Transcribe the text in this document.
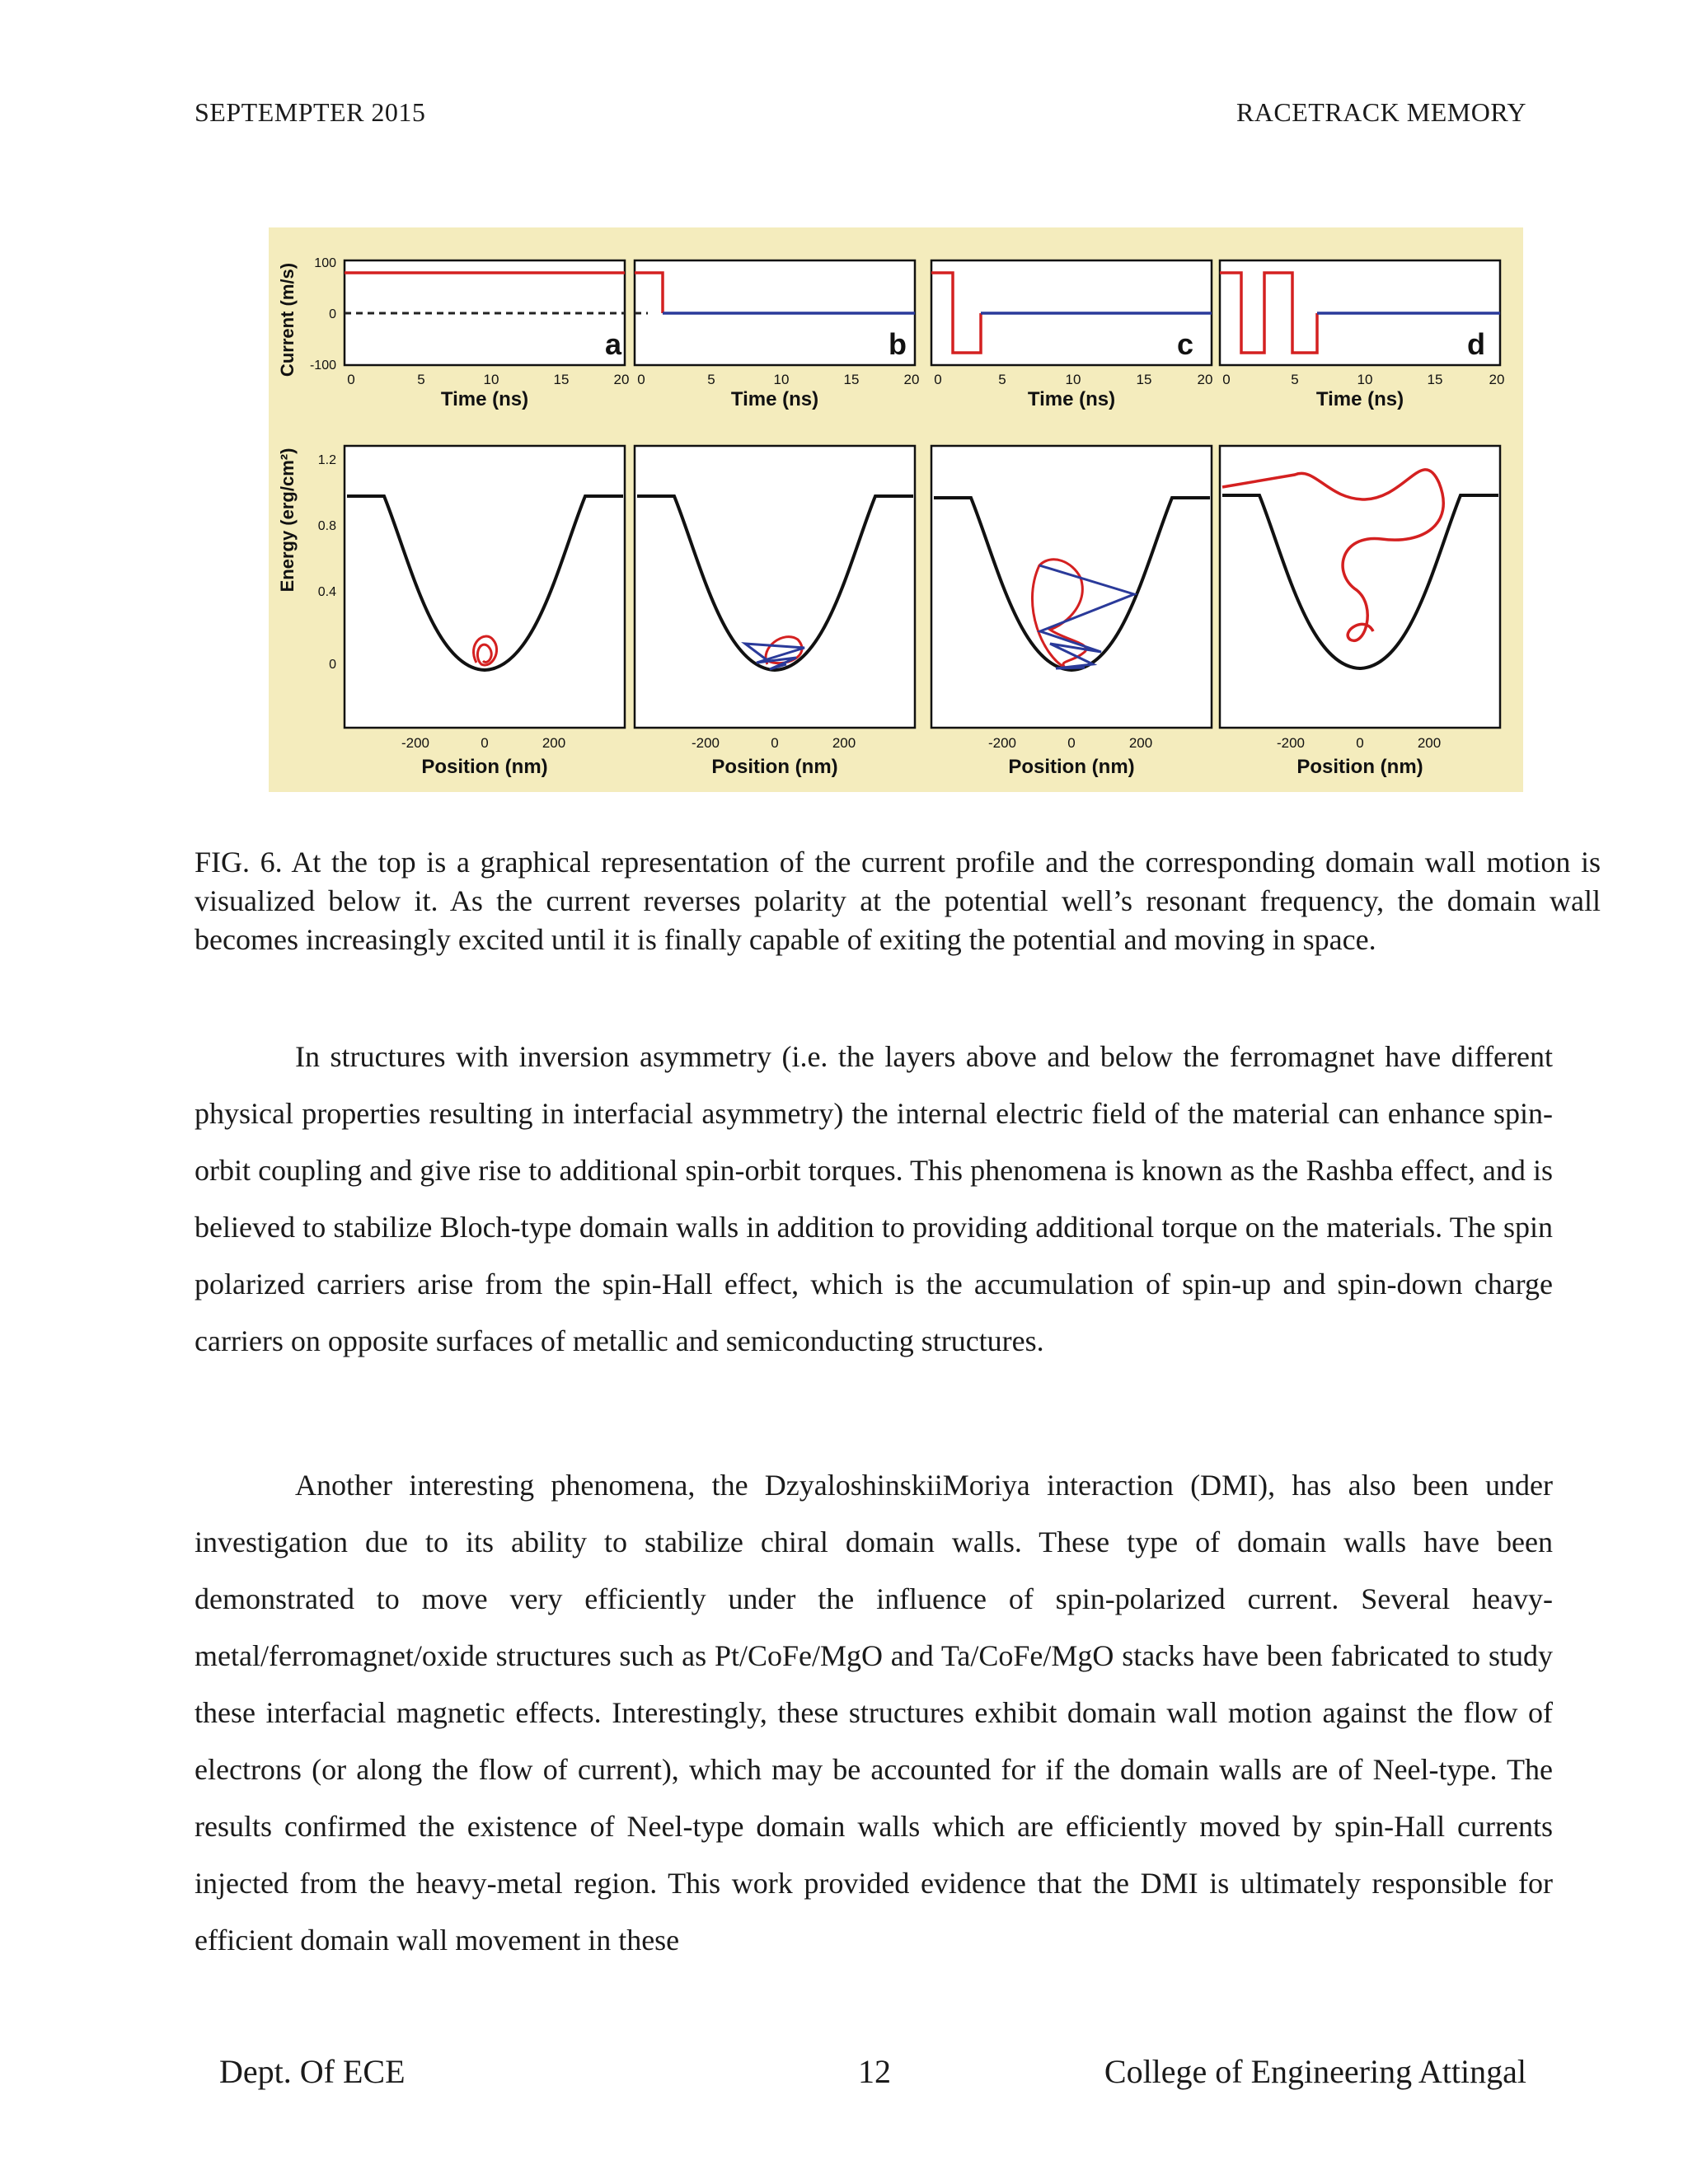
SEPTEMPTER 2015	RACETRACK MEMORY
Current (m/s)
Energy (erg/cm²)
100
0
-100
a
0	5	10	15	20
Time (ns)
b
0	5	10	15	20
Time (ns)
c
0	5	10	15	20
Time (ns)
d
0	5	10	15	20
Time (ns)
1.2
0.8
0.4
0
-200	0	200
Position (nm)
-200	0	200
Position (nm)
-200	0	200
Position (nm)
-200	0	200
Position (nm)
FIG. 6. At the top is a graphical representation of the current profile and the corresponding domain wall motion is visualized below it. As the current reverses polarity at the potential well’s resonant frequency, the domain wall becomes increasingly excited until it is finally capable of exiting the potential and moving in space.

In structures with inversion asymmetry (i.e. the layers above and below the ferromagnet have different physical properties resulting in interfacial asymmetry) the internal electric field of the material can enhance spin-orbit coupling and give rise to additional spin-orbit torques. This phenomena is known as the Rashba effect, and is believed to stabilize Bloch-type domain walls in addition to providing additional torque on the materials. The spin polarized carriers arise from the spin-Hall effect, which is the accumulation of spin-up and spin-down charge carriers on opposite surfaces of metallic and semiconducting structures.

Another interesting phenomena, the DzyaloshinskiiMoriya interaction (DMI), has also been under investigation due to its ability to stabilize chiral domain walls. These type of domain walls have been demonstrated to move very efficiently under the influence of spin-polarized current. Several heavy-metal/ferromagnet/oxide structures such as Pt/CoFe/MgO and Ta/CoFe/MgO stacks have been fabricated to study these interfacial magnetic effects. Interestingly, these structures exhibit domain wall motion against the flow of electrons (or along the flow of current), which may be accounted for if the domain walls are of Neel-type. The results confirmed the existence of Neel-type domain walls which are efficiently moved by spin-Hall currents injected from the heavy-metal region. This work provided evidence that the DMI is ultimately responsible for efficient domain wall movement in these

Dept. Of ECE	12	College of Engineering Attingal
